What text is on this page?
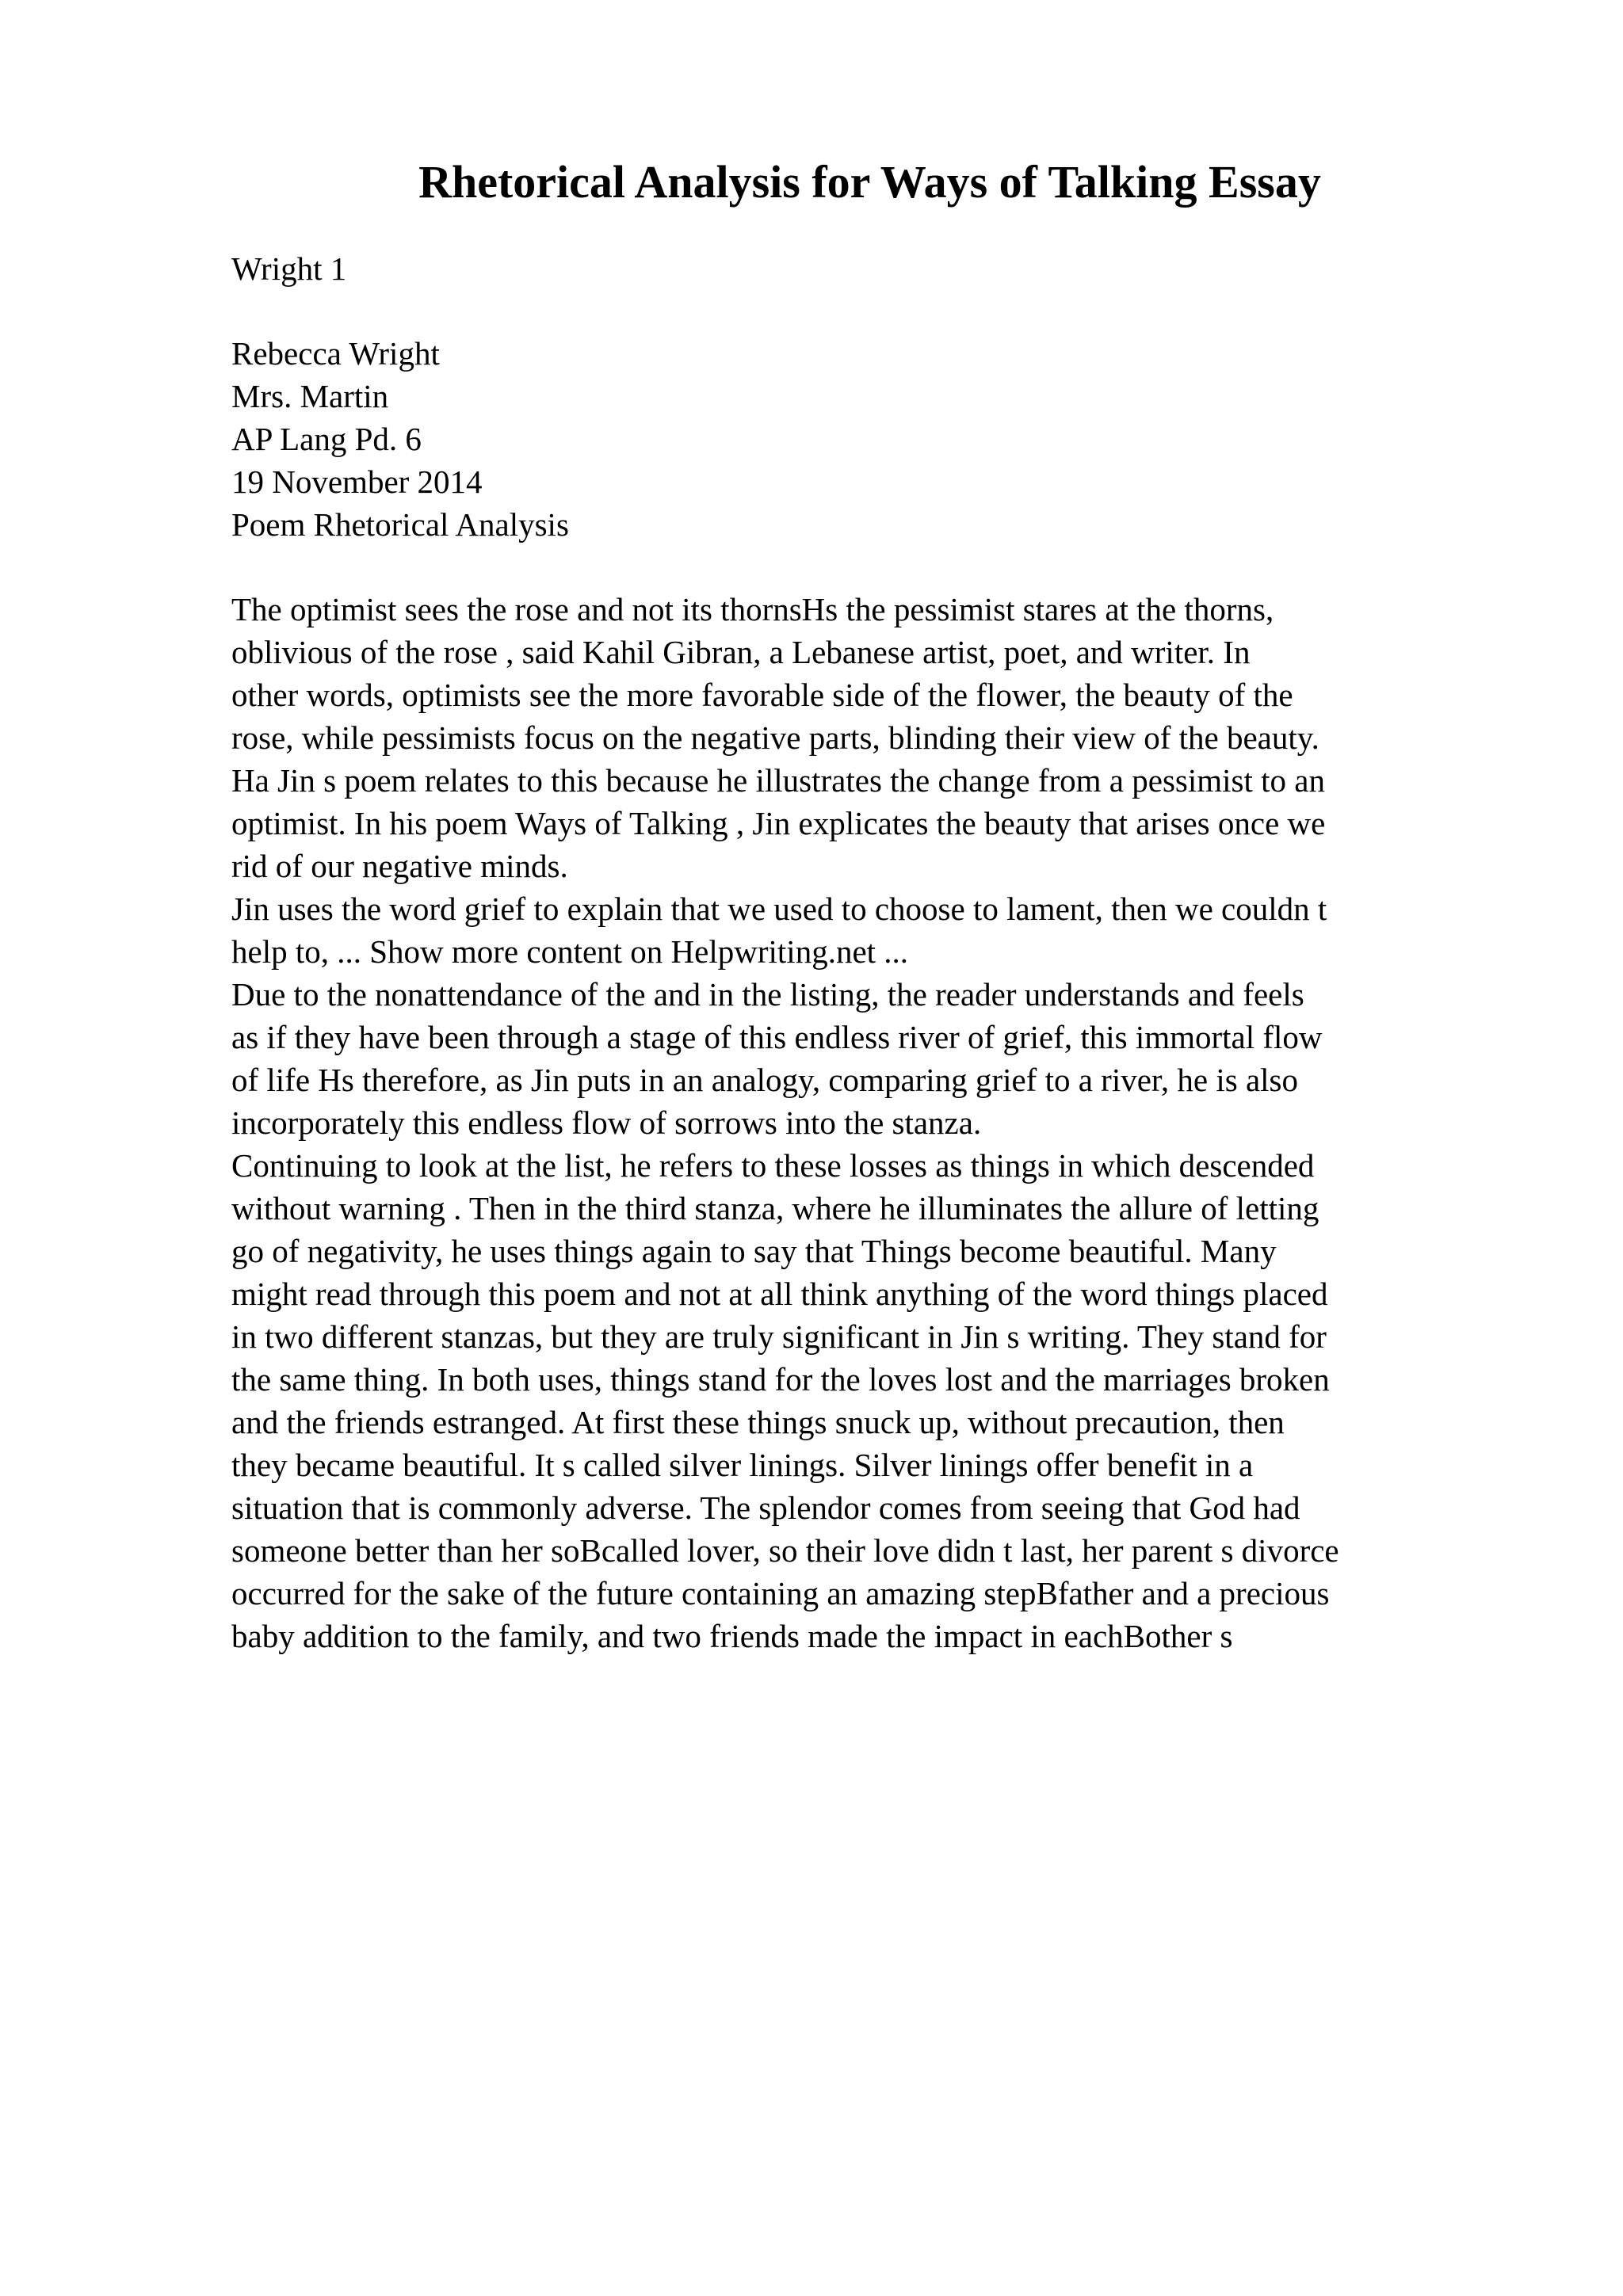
Rhetorical Analysis for Ways of Talking Essay

Wright 1

Rebecca Wright
Mrs. Martin
AP Lang Pd. 6
19 November 2014
Poem Rhetorical Analysis
The optimist sees the rose and not its thornsHs the pessimist stares at the thorns,
oblivious of the rose , said Kahil Gibran, a Lebanese artist, poet, and writer. In
other words, optimists see the more favorable side of the flower, the beauty of the
rose, while pessimists focus on the negative parts, blinding their view of the beauty.
Ha Jin s poem relates to this because he illustrates the change from a pessimist to an
optimist. In his poem Ways of Talking , Jin explicates the beauty that arises once we
rid of our negative minds.
Jin uses the word grief to explain that we used to choose to lament, then we couldn t
help to, ... Show more content on Helpwriting.net ...
Due to the nonattendance of the and in the listing, the reader understands and feels
as if they have been through a stage of this endless river of grief, this immortal flow
of life Hs therefore, as Jin puts in an analogy, comparing grief to a river, he is also
incorporately this endless flow of sorrows into the stanza.
Continuing to look at the list, he refers to these losses as things in which descended
without warning . Then in the third stanza, where he illuminates the allure of letting
go of negativity, he uses things again to say that Things become beautiful. Many
might read through this poem and not at all think anything of the word things placed
in two different stanzas, but they are truly significant in Jin s writing. They stand for
the same thing. In both uses, things stand for the loves lost and the marriages broken
and the friends estranged. At first these things snuck up, without precaution, then
they became beautiful. It s called silver linings. Silver linings offer benefit in a
situation that is commonly adverse. The splendor comes from seeing that God had
someone better than her soBcalled lover, so their love didn t last, her parent s divorce
occurred for the sake of the future containing an amazing stepBfather and a precious
baby addition to the family, and two friends made the impact in eachBother s
